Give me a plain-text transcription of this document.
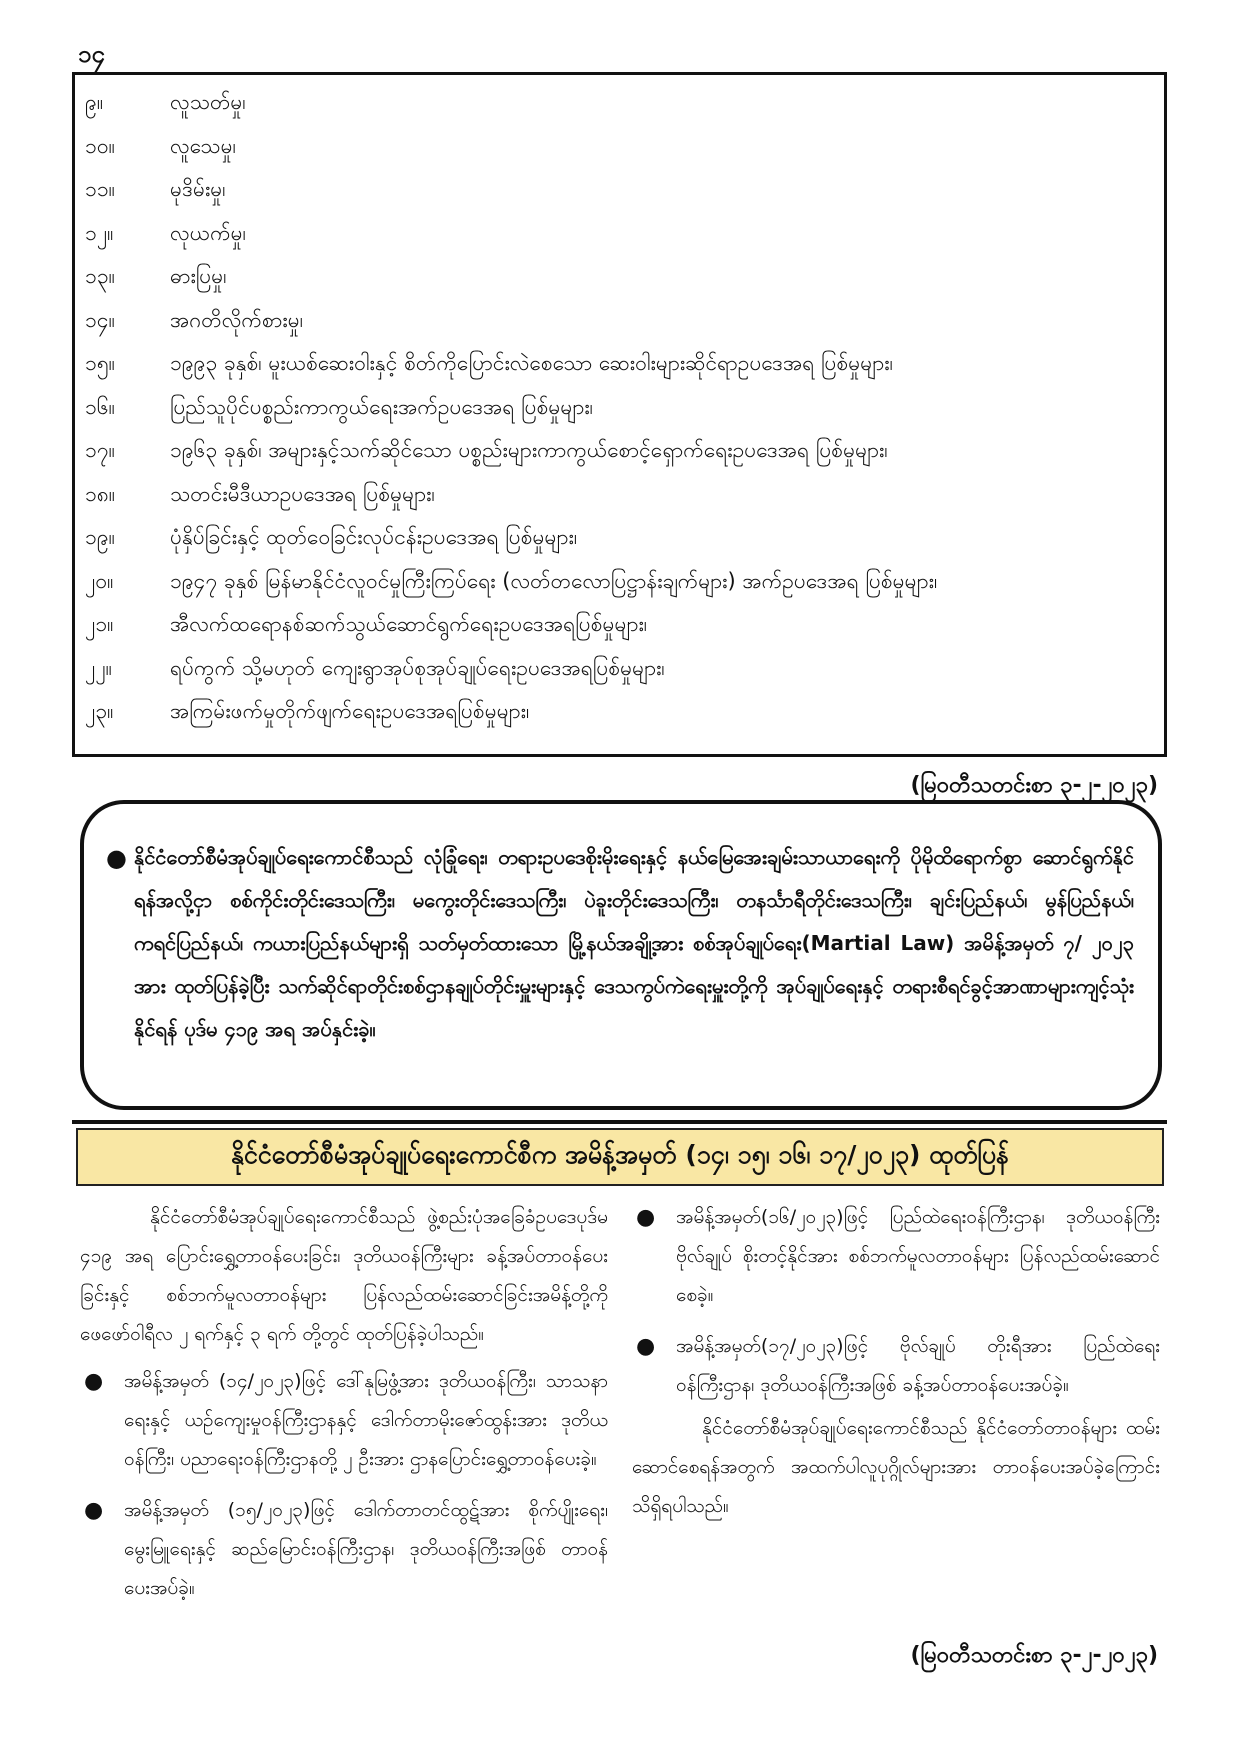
၁၄
၉။	လူသတ်မှု၊
၁၀။	လူသေမှု၊
၁၁။	မုဒိမ်းမှု၊
၁၂။	လုယက်မှု၊
၁၃။	ဓားပြမှု၊
၁၄။	အဂတိလိုက်စားမှု၊
၁၅။	၁၉၉၃ ခုနှစ်၊ မူးယစ်ဆေးဝါးနှင့် စိတ်ကိုပြောင်းလဲစေသော ဆေးဝါးများဆိုင်ရာဥပဒေအရ ပြစ်မှုများ၊
၁၆။	ပြည်သူပိုင်ပစ္စည်းကာကွယ်ရေးအက်ဥပဒေအရ ပြစ်မှုများ၊
၁၇။	၁၉၆၃ ခုနှစ်၊ အများနှင့်သက်ဆိုင်သော ပစ္စည်းများကာကွယ်စောင့်ရှောက်ရေးဥပဒေအရ ပြစ်မှုများ၊
၁၈။	သတင်းမီဒီယာဥပဒေအရ ပြစ်မှုများ၊
၁၉။	ပုံနှိပ်ခြင်းနှင့် ထုတ်ဝေခြင်းလုပ်ငန်းဥပဒေအရ ပြစ်မှုများ၊
၂၀။	၁၉၄၇ ခုနှစ် မြန်မာနိုင်ငံလူဝင်မှုကြီးကြပ်ရေး (လတ်တလောပြဋ္ဌာန်းချက်များ) အက်ဥပဒေအရ ပြစ်မှုများ၊
၂၁။	အီလက်ထရောနစ်ဆက်သွယ်ဆောင်ရွက်ရေးဥပဒေအရပြစ်မှုများ၊
၂၂။	ရပ်ကွက် သို့မဟုတ် ကျေးရွာအုပ်စုအုပ်ချုပ်ရေးဥပဒေအရပြစ်မှုများ၊
၂၃။	အကြမ်းဖက်မှုတိုက်ဖျက်ရေးဥပဒေအရပြစ်မှုများ၊
(မြဝတီသတင်းစာ ၃-၂-၂၀၂၃)
● နိုင်ငံတော်စီမံအုပ်ချုပ်ရေးကောင်စီသည် လုံခြုံရေး၊ တရားဥပဒေစိုးမိုးရေးနှင့် နယ်မြေအေးချမ်းသာယာရေးကို ပိုမိုထိရောက်စွာ ဆောင်ရွက်နိုင်ရန်အလို့ငှာ စစ်ကိုင်းတိုင်းဒေသကြီး၊ မကွေးတိုင်းဒေသကြီး၊ ပဲခူးတိုင်းဒေသကြီး၊ တနင်္သာရီတိုင်းဒေသကြီး၊ ချင်းပြည်နယ်၊ မွန်ပြည်နယ်၊ ကရင်ပြည်နယ်၊ ကယားပြည်နယ်များရှိ သတ်မှတ်ထားသော မြို့နယ်အချို့အား စစ်အုပ်ချုပ်ရေး(Martial Law) အမိန့်အမှတ် ၇/ ၂၀၂၃ အား ထုတ်ပြန်ခဲ့ပြီး သက်ဆိုင်ရာတိုင်းစစ်ဌာနချုပ်တိုင်းမှူးများနှင့် ဒေသကွပ်ကဲရေးမှူးတို့ကို အုပ်ချုပ်ရေးနှင့် တရားစီရင်ခွင့်အာဏာများကျင့်သုံးနိုင်ရန် ပုဒ်မ ၄၁၉ အရ အပ်နှင်းခဲ့။
နိုင်ငံတော်စီမံအုပ်ချုပ်ရေးကောင်စီက အမိန့်အမှတ် (၁၄၊ ၁၅၊ ၁၆၊ ၁၇/၂၀၂၃) ထုတ်ပြန်

နိုင်ငံတော်စီမံအုပ်ချုပ်ရေးကောင်စီသည် ဖွဲ့စည်းပုံအခြေခံဥပဒေပုဒ်မ ၄၁၉ အရ ပြောင်းရွှေ့တာဝန်ပေးခြင်း၊ ဒုတိယဝန်ကြီးများ ခန့်အပ်တာဝန်ပေးခြင်းနှင့် စစ်ဘက်မူလတာဝန်များ ပြန်လည်ထမ်းဆောင်ခြင်းအမိန့်တို့ကို ဖေဖော်ဝါရီလ ၂ ရက်နှင့် ၃ ရက် တို့တွင် ထုတ်ပြန်ခဲ့ပါသည်။

● အမိန့်အမှတ် (၁၄/၂၀၂၃)ဖြင့် ဒေါ်နုမြဖွံ့အား ဒုတိယဝန်ကြီး၊ သာသနာရေးနှင့် ယဉ်ကျေးမှုဝန်ကြီးဌာနနှင့် ဒေါက်တာမိုးဇော်ထွန်းအား ဒုတိယဝန်ကြီး၊ ပညာရေးဝန်ကြီးဌာနတို့ ၂ ဦးအား ဌာနပြောင်းရွှေ့တာဝန်ပေးခဲ့။

● အမိန့်အမှတ် (၁၅/၂၀၂၃)ဖြင့် ဒေါက်တာတင်ထွဋ်အား စိုက်ပျိုးရေး၊ မွေးမြူရေးနှင့် ဆည်မြောင်းဝန်ကြီးဌာန၊ ဒုတိယဝန်ကြီးအဖြစ် တာဝန်ပေးအပ်ခဲ့။

● အမိန့်အမှတ်(၁၆/၂၀၂၃)ဖြင့် ပြည်ထဲရေးဝန်ကြီးဌာန၊ ဒုတိယဝန်ကြီး ဗိုလ်ချုပ် စိုးတင့်နိုင်အား စစ်ဘက်မူလတာဝန်များ ပြန်လည်ထမ်းဆောင်စေခဲ့။

● အမိန့်အမှတ်(၁၇/၂၀၂၃)ဖြင့် ဗိုလ်ချုပ် တိုးရီအား ပြည်ထဲရေးဝန်ကြီးဌာန၊ ဒုတိယဝန်ကြီးအဖြစ် ခန့်အပ်တာဝန်ပေးအပ်ခဲ့။

နိုင်ငံတော်စီမံအုပ်ချုပ်ရေးကောင်စီသည် နိုင်ငံတော်တာဝန်များ ထမ်းဆောင်စေရန်အတွက် အထက်ပါလူပုဂ္ဂိုလ်များအား တာဝန်ပေးအပ်ခဲ့ကြောင်း သိရှိရပါသည်။

(မြဝတီသတင်းစာ ၃-၂-၂၀၂၃)
